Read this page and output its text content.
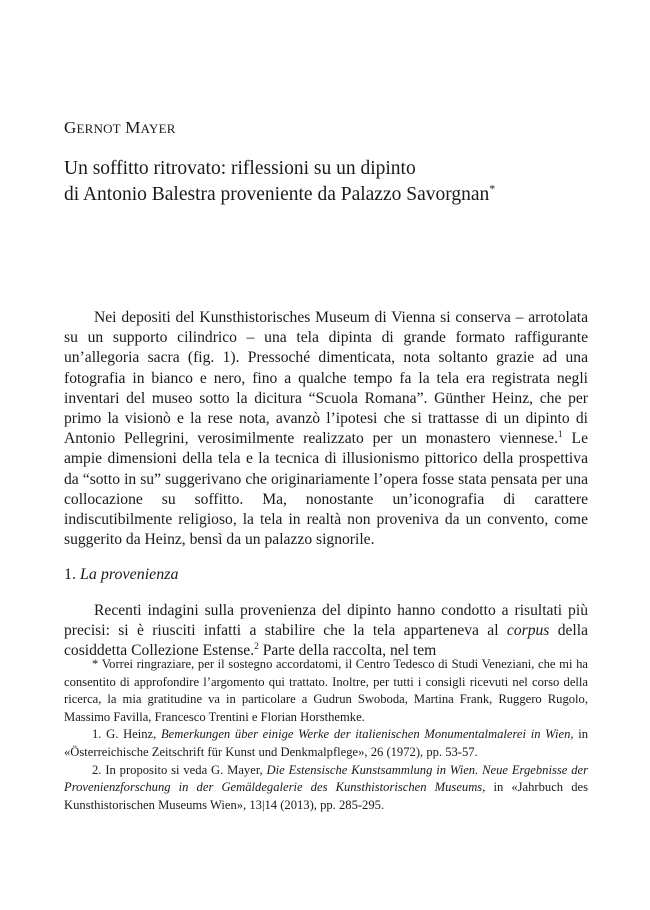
GERNOT MAYER
Un soffitto ritrovato: riflessioni su un dipinto
di Antonio Balestra proveniente da Palazzo Savorgnan*

Nei depositi del Kunsthistorisches Museum di Vienna si conserva – arrotolata su un supporto cilindrico – una tela dipinta di grande formato raffigurante un’allegoria sacra (fig. 1). Pressoché dimenticata, nota soltanto grazie ad una fotografia in bianco e nero, fino a qualche tempo fa la tela era registrata negli inventari del museo sotto la dicitura “Scuola Romana”. Günther Heinz, che per primo la visionò e la rese nota, avanzò l’ipotesi che si trattasse di un dipinto di Antonio Pellegrini, verosimilmente realizzato per un monastero viennese.$^1$ Le ampie dimensioni della tela e la tecnica di illusionismo pittorico della prospettiva da “sotto in su” suggerivano che originariamente l’opera fosse stata pensata per una collocazione su soffitto. Ma, nonostante un’iconografia di carattere indiscutibilmente religioso, la tela in realtà non proveniva da un convento, come suggerito da Heinz, bensì da un palazzo signorile.

1. La provenienza

Recenti indagini sulla provenienza del dipinto hanno condotto a risultati più precisi: si è riusciti infatti a stabilire che la tela apparteneva al corpus della cosiddetta Collezione Estense.$^2$ Parte della raccolta, nel tem

* Vorrei ringraziare, per il sostegno accordatomi, il Centro Tedesco di Studi Veneziani, che mi ha consentito di approfondire l’argomento qui trattato. Inoltre, per tutti i consigli ricevuti nel corso della ricerca, la mia gratitudine va in particolare a Gudrun Swoboda, Martina Frank, Ruggero Rugolo, Massimo Favilla, Francesco Trentini e Florian Horsthemke.

1. G. Heinz, Bemerkungen über einige Werke der italienischen Monumentalmalerei in Wien, in «Österreichische Zeitschrift für Kunst und Denkmalpflege», 26 (1972), pp. 53-57.

2. In proposito si veda G. Mayer, Die Estensische Kunstsammlung in Wien. Neue Ergebnisse der Provenienzforschung in der Gemäldegalerie des Kunsthistorischen Museums, in «Jahrbuch des Kunsthistorischen Museums Wien», 13|14 (2013), pp. 285-295.
